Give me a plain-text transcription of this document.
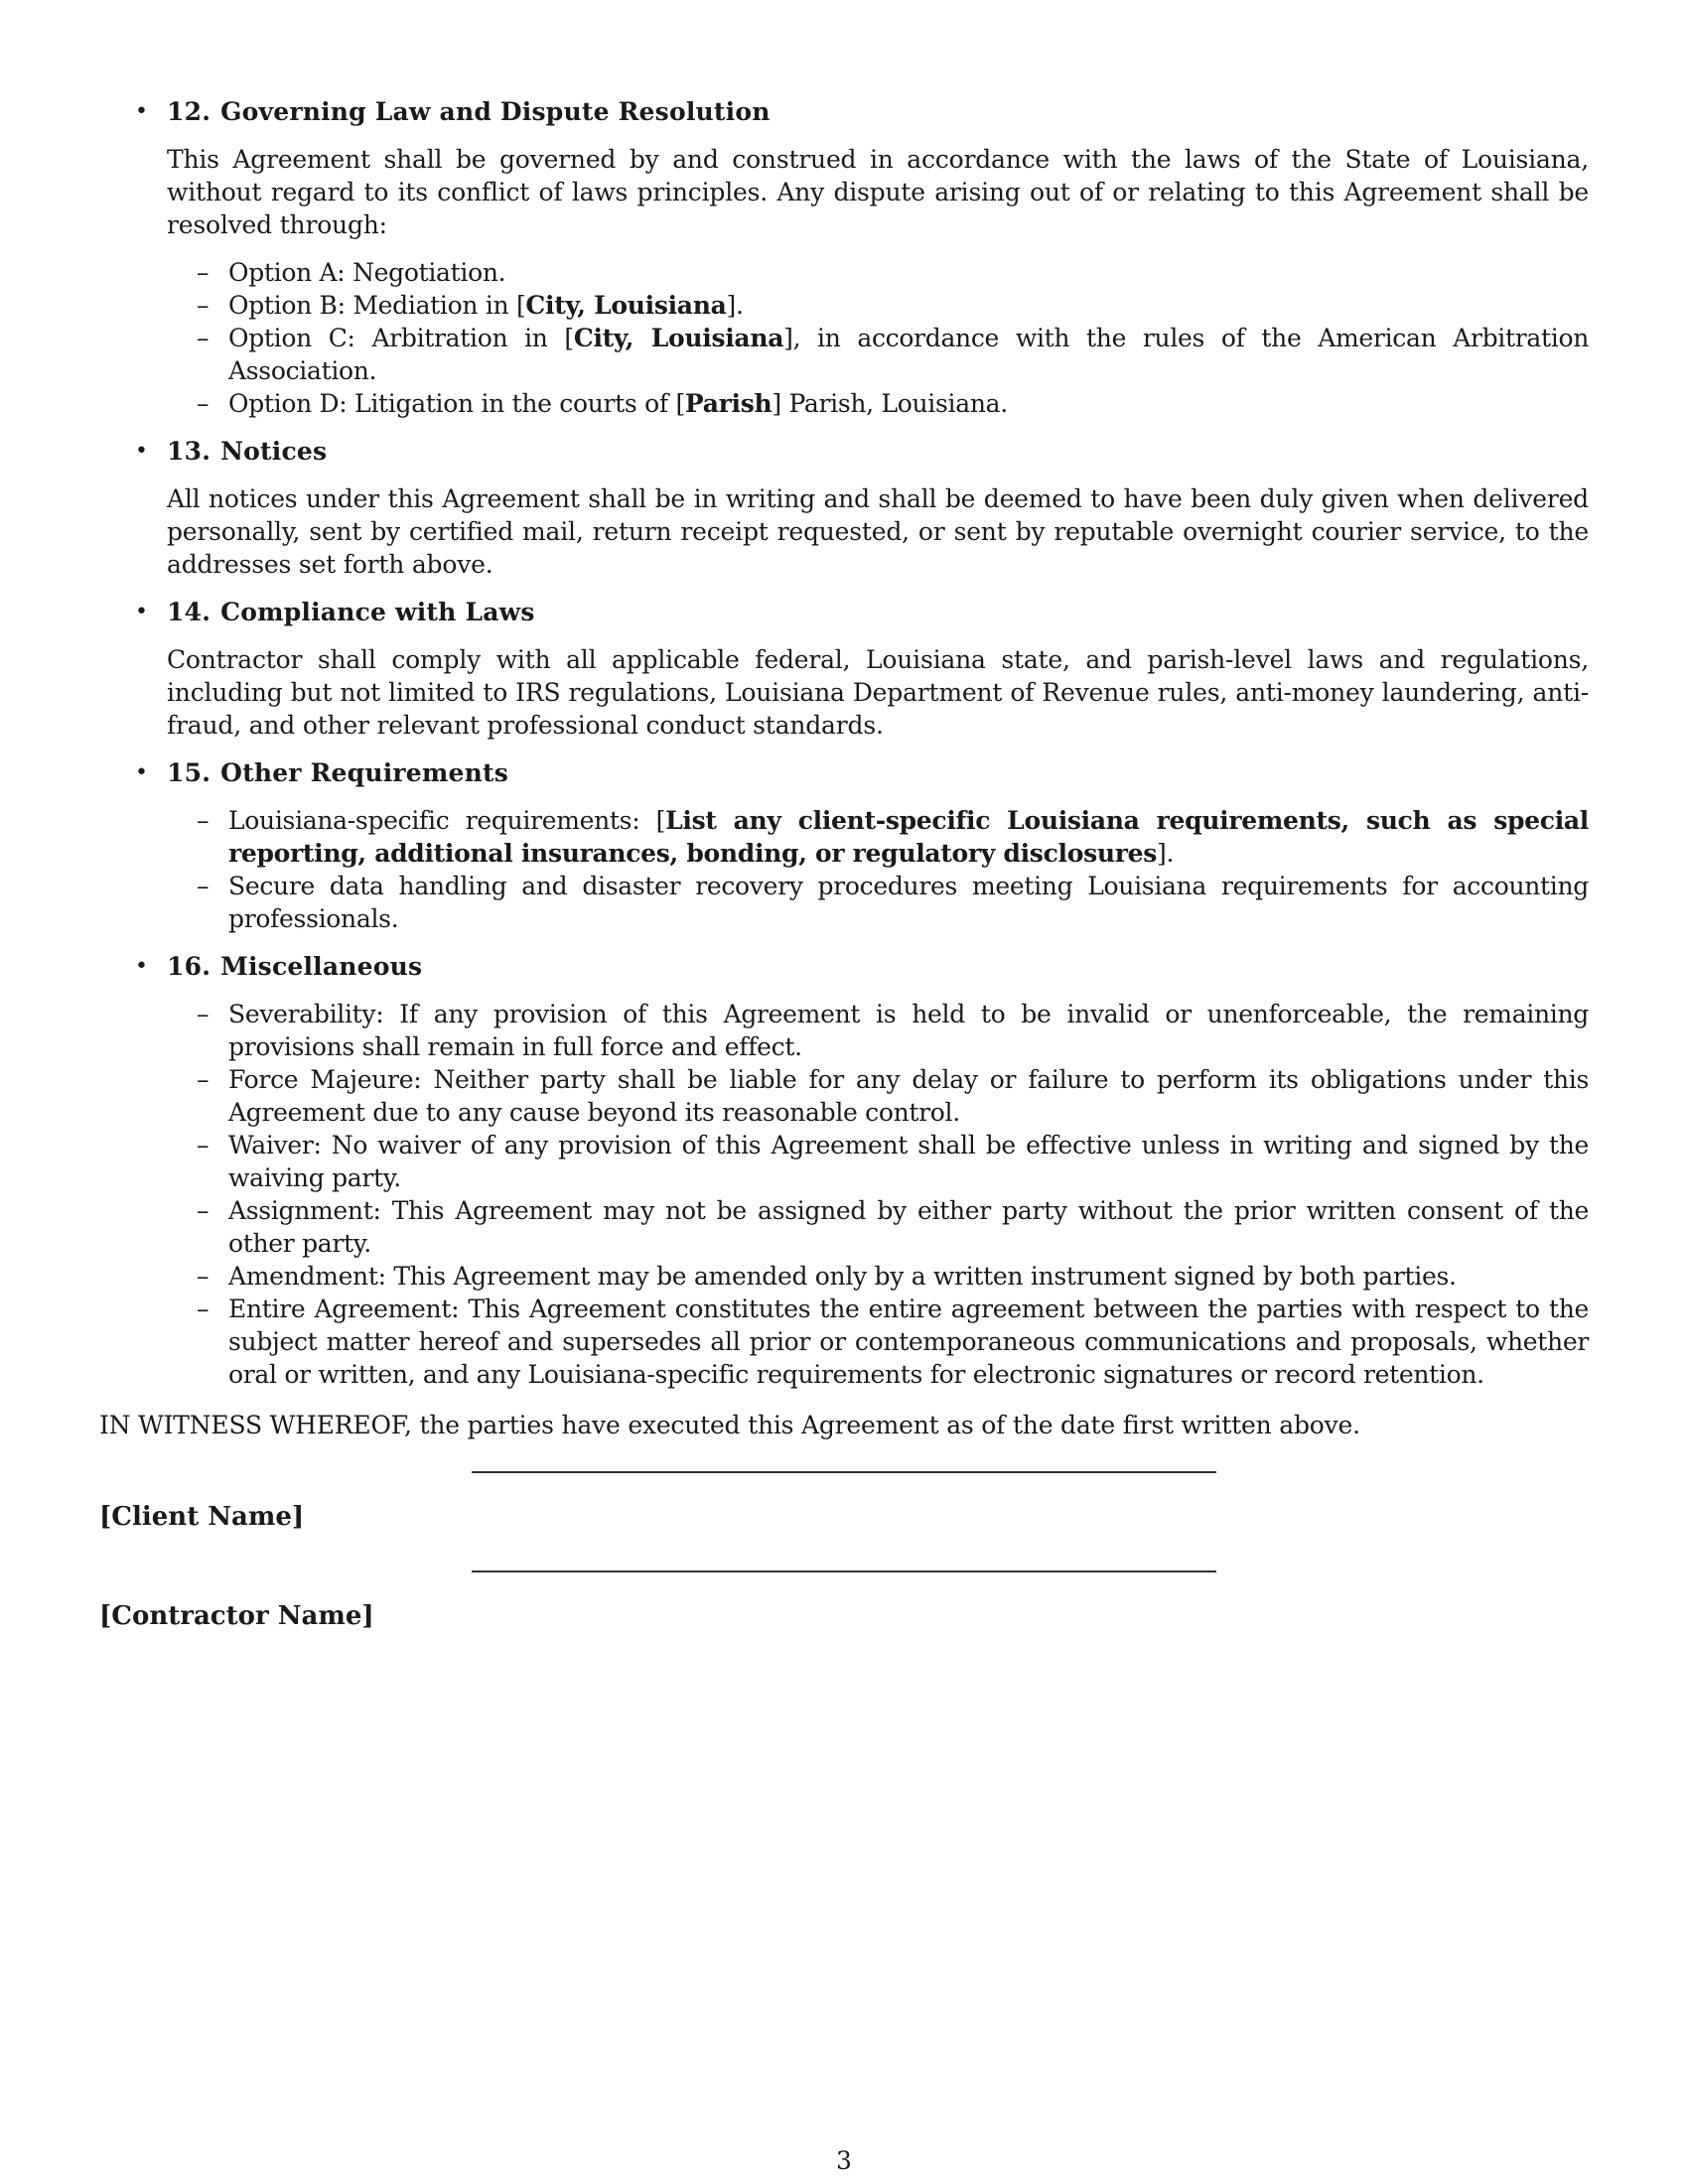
• 12. Governing Law and Dispute Resolution

This Agreement shall be governed by and construed in accordance with the laws of the State of Louisiana, without regard to its conflict of laws principles. Any dispute arising out of or relating to this Agreement shall be resolved through:

– Option A: Negotiation.
– Option B: Mediation in [City, Louisiana].
– Option C: Arbitration in [City, Louisiana], in accordance with the rules of the American Arbitration Association.
– Option D: Litigation in the courts of [Parish] Parish, Louisiana.
• 13. Notices

All notices under this Agreement shall be in writing and shall be deemed to have been duly given when delivered personally, sent by certified mail, return receipt requested, or sent by reputable overnight courier service, to the addresses set forth above.

• 14. Compliance with Laws

Contractor shall comply with all applicable federal, Louisiana state, and parish-level laws and regulations, including but not limited to IRS regulations, Louisiana Department of Revenue rules, anti-money laundering, anti-fraud, and other relevant professional conduct standards.

• 15. Other Requirements
– Louisiana-specific requirements: [List any client-specific Louisiana requirements, such as special reporting, additional insurances, bonding, or regulatory disclosures].
– Secure data handling and disaster recovery procedures meeting Louisiana requirements for accounting professionals.
• 16. Miscellaneous
– Severability: If any provision of this Agreement is held to be invalid or unenforceable, the remaining provisions shall remain in full force and effect.
– Force Majeure: Neither party shall be liable for any delay or failure to perform its obligations under this Agreement due to any cause beyond its reasonable control.
– Waiver: No waiver of any provision of this Agreement shall be effective unless in writing and signed by the waiving party.
– Assignment: This Agreement may not be assigned by either party without the prior written consent of the other party.
– Amendment: This Agreement may be amended only by a written instrument signed by both parties.
– Entire Agreement: This Agreement constitutes the entire agreement between the parties with respect to the subject matter hereof and supersedes all prior or contemporaneous communications and proposals, whether oral or written, and any Louisiana-specific requirements for electronic signatures or record retention.
IN WITNESS WHEREOF, the parties have executed this Agreement as of the date first written above.
[Client Name]
[Contractor Name]
3
